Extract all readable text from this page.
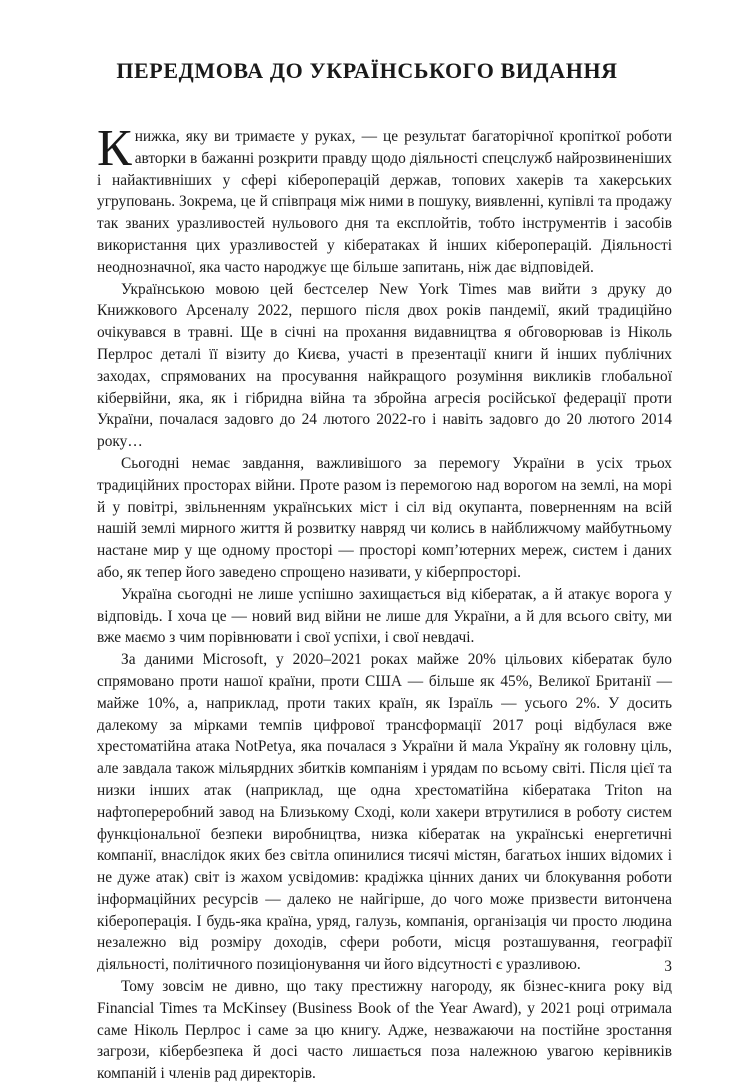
ПЕРЕДМОВА ДО УКРАЇНСЬКОГО ВИДАННЯ

Книжка, яку ви тримаєте у руках, — це результат багаторічної кропіткої роботи авторки в бажанні розкрити правду щодо діяльності спецслужб найрозвиненіших і найактивніших у сфері кібероперацій держав, топових хакерів та хакерських угруповань. Зокрема, це й співпраця між ними в пошуку, виявленні, купівлі та продажу так званих уразливостей нульового дня та експлойтів, тобто інструментів і засобів використання цих уразливостей у кібератаках й інших кібероперацій. Діяльності неоднозначної, яка часто народжує ще більше запитань, ніж дає відповідей.

Українською мовою цей бестселер New York Times мав вийти з друку до Книжкового Арсеналу 2022, першого після двох років пандемії, який традиційно очікувався в травні. Ще в січні на прохання видавництва я обговорював із Ніколь Перлрос деталі її візиту до Києва, участі в презентації книги й інших публічних заходах, спрямованих на просування найкращого розуміння викликів глобальної кібервійни, яка, як і гібридна війна та збройна агресія російської федерації проти України, почалася задовго до 24 лютого 2022-го і навіть задовго до 20 лютого 2014 року…

Сьогодні немає завдання, важливішого за перемогу України в усіх трьох традиційних просторах війни. Проте разом із перемогою над ворогом на землі, на морі й у повітрі, звільненням українських міст і сіл від окупанта, поверненням на всій нашій землі мирного життя й розвитку навряд чи колись в найближчому майбутньому настане мир у ще одному просторі — просторі комп’ютерних мереж, систем і даних або, як тепер його заведено спрощено називати, у кіберпросторі.

Україна сьогодні не лише успішно захищається від кібератак, а й атакує ворога у відповідь. І хоча це — новий вид війни не лише для України, а й для всього світу, ми вже маємо з чим порівнювати і свої успіхи, і свої невдачі.

За даними Microsoft, у 2020–2021 роках майже 20% цільових кібератак було спрямовано проти нашої країни, проти США — більше як 45%, Великої Британії — майже 10%, а, наприклад, проти таких країн, як Ізраїль — усього 2%. У досить далекому за мірками темпів цифрової трансформації 2017 році відбулася вже хрестоматійна атака NotPetya, яка почалася з України й мала Україну як головну ціль, але завдала також мільярдних збитків компаніям і урядам по всьому світі. Після цієї та низки інших атак (наприклад, ще одна хрестоматійна кібератака Triton на нафтопереробний завод на Близькому Сході, коли хакери втрутилися в роботу систем функціональної безпеки виробництва, низка кібератак на українські енергетичні компанії, внаслідок яких без світла опинилися тисячі містян, багатьох інших відомих і не дуже атак) світ із жахом усвідомив: крадіжка цінних даних чи блокування роботи інформаційних ресурсів — далеко не найгірше, до чого може призвести витончена кібероперація. І будь-яка країна, уряд, галузь, компанія, організація чи просто людина незалежно від розміру доходів, сфери роботи, місця розташування, географії діяльності, політичного позиціонування чи його відсутності є уразливою.

Тому зовсім не дивно, що таку престижну нагороду, як бізнес-книга року від Financial Times та McKinsey (Business Book of the Year Award), у 2021 році отримала саме Ніколь Перлрос і саме за цю книгу. Адже, незважаючи на постійне зростання загрози, кібербезпека й досі часто лишається поза належною увагою керівників компаній і членів рад директорів.

3
